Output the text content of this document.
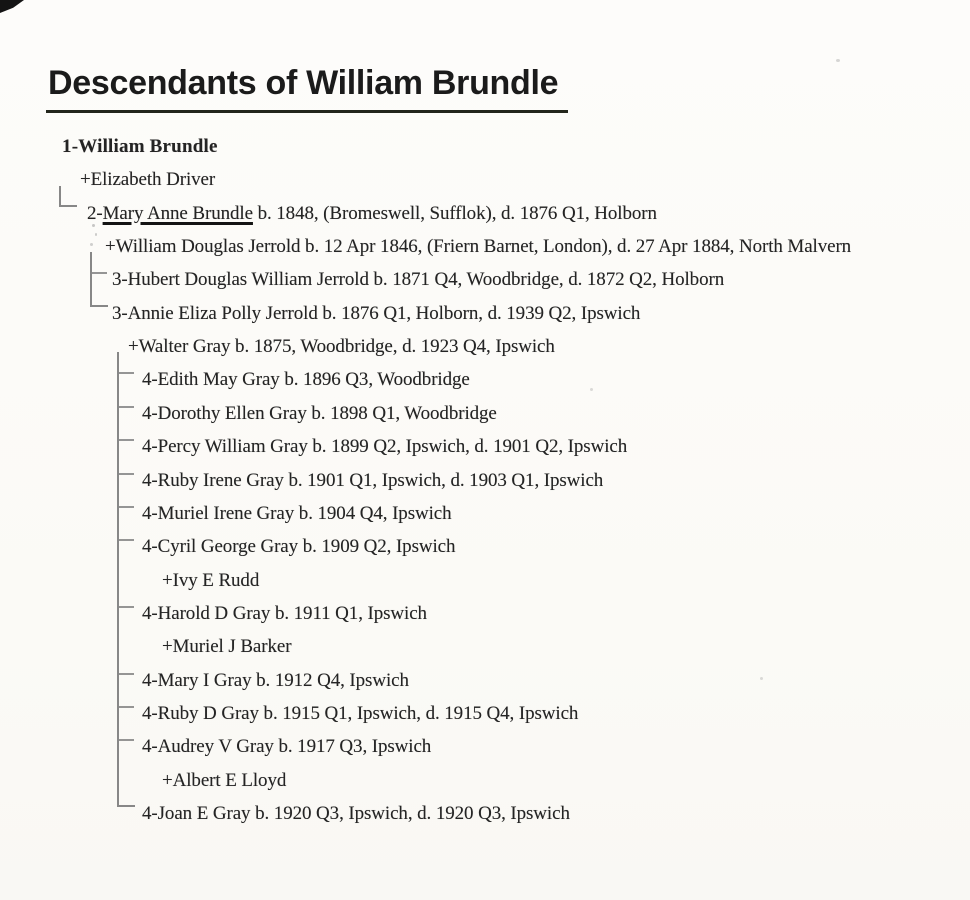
Descendants of William Brundle
1-William Brundle
+Elizabeth Driver
2-Mary Anne Brundle b. 1848, (Bromeswell, Sufflok), d. 1876 Q1, Holborn
+William Douglas Jerrold b. 12 Apr 1846, (Friern Barnet, London), d. 27 Apr 1884, North Malvern
3-Hubert Douglas William Jerrold b. 1871 Q4, Woodbridge, d. 1872 Q2, Holborn
3-Annie Eliza Polly Jerrold b. 1876 Q1, Holborn, d. 1939 Q2, Ipswich
+Walter Gray b. 1875, Woodbridge, d. 1923 Q4, Ipswich
4-Edith May Gray b. 1896 Q3, Woodbridge
4-Dorothy Ellen Gray b. 1898 Q1, Woodbridge
4-Percy William Gray b. 1899 Q2, Ipswich, d. 1901 Q2, Ipswich
4-Ruby Irene Gray b. 1901 Q1, Ipswich, d. 1903 Q1, Ipswich
4-Muriel Irene Gray b. 1904 Q4, Ipswich
4-Cyril George Gray b. 1909 Q2, Ipswich
+Ivy E Rudd
4-Harold D Gray b. 1911 Q1, Ipswich
+Muriel J Barker
4-Mary I Gray b. 1912 Q4, Ipswich
4-Ruby D Gray b. 1915 Q1, Ipswich, d. 1915 Q4, Ipswich
4-Audrey V Gray b. 1917 Q3, Ipswich
+Albert E Lloyd
4-Joan E Gray b. 1920 Q3, Ipswich, d. 1920 Q3, Ipswich
